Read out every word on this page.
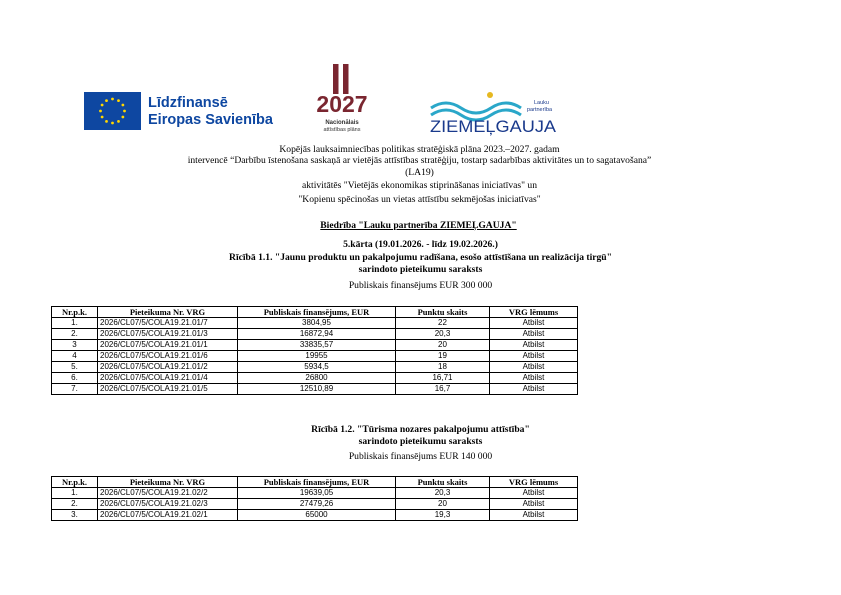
Līdzfinansē
Eiropas Savienība
2027
Nacionālais
attīstības plāns
Lauku
partnerība
ZIEMEĻGAUJA
Kopējās lauksaimniecības politikas stratēģiskā plāna 2023.–2027. gadam
intervencē “Darbību īstenošana saskaņā ar vietējās attīstības stratēģiju, tostarp sadarbības aktivitātes un to sagatavošana”
(LA19)
aktivitātēs "Vietējās ekonomikas stiprināšanas iniciatīvas" un
"Kopienu spēcinošas un vietas attīstību sekmējošas iniciatīvas"
Biedrība "Lauku partnerība ZIEMEĻGAUJA"
5.kārta (19.01.2026. - līdz 19.02.2026.)
Rīcībā 1.1. "Jaunu produktu un pakalpojumu radīšana, esošo attīstīšana un realizācija tirgū"
sarindoto pieteikumu saraksts
Publiskais finansējums EUR 300 000
Nr.p.k.	Pieteikuma Nr. VRG	Publiskais finansējums, EUR	Punktu skaits	VRG lēmums
1.	2026/CL07/5/COLA19.21.01/7	3804,95	22	Atbilst
2.	2026/CL07/5/COLA19.21.01/3	16872,94	20,3	Atbilst
3	2026/CL07/5/COLA19.21.01/1	33835,57	20	Atbilst
4	2026/CL07/5/COLA19.21.01/6	19955	19	Atbilst
5.	2026/CL07/5/COLA19.21.01/2	5934,5	18	Atbilst
6.	2026/CL07/5/COLA19.21.01/4	26800	16,71	Atbilst
7.	2026/CL07/5/COLA19.21.01/5	12510,89	16,7	Atbilst
Rīcībā 1.2. "Tūrisma nozares pakalpojumu attīstība"
sarindoto pieteikumu saraksts
Publiskais finansējums EUR 140 000
Nr.p.k.	Pieteikuma Nr. VRG	Publiskais finansējums, EUR	Punktu skaits	VRG lēmums
1.	2026/CL07/5/COLA19.21.02/2	19639,05	20,3	Atbilst
2.	2026/CL07/5/COLA19.21.02/3	27479,26	20	Atbilst
3.	2026/CL07/5/COLA19.21.02/1	65000	19,3	Atbilst
